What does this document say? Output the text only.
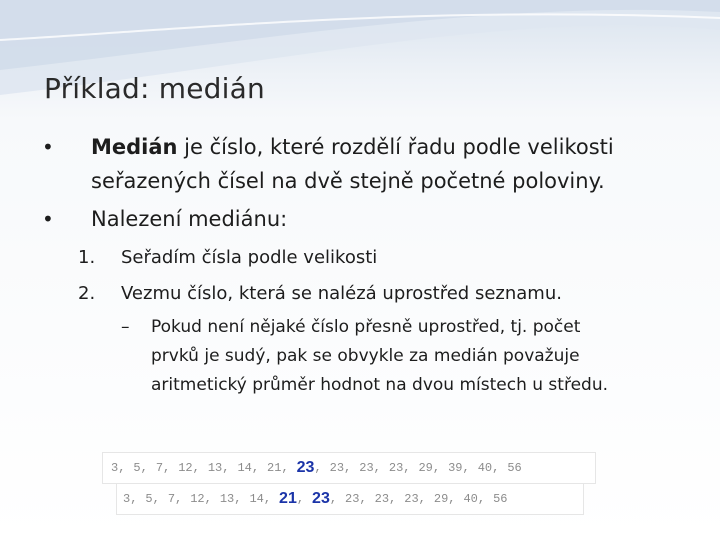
Příklad: medián
• Medián je číslo, které rozdělí řadu podle velikosti
seřazených čísel na dvě stejně početné poloviny.
• Nalezení mediánu:
1. Seřadím čísla podle velikosti
2. Vezmu číslo, která se nalézá uprostřed seznamu.
– Pokud není nějaké číslo přesně uprostřed, tj. počet
prvků je sudý, pak se obvykle za medián považuje
aritmetický průměr hodnot na dvou místech u středu.
3, 5, 7, 12, 13, 14, 21, 23 , 23, 23, 23, 29, 39, 40, 56
3, 5, 7, 12, 13, 14, 21 , 23 , 23, 23, 23, 29, 40, 56
